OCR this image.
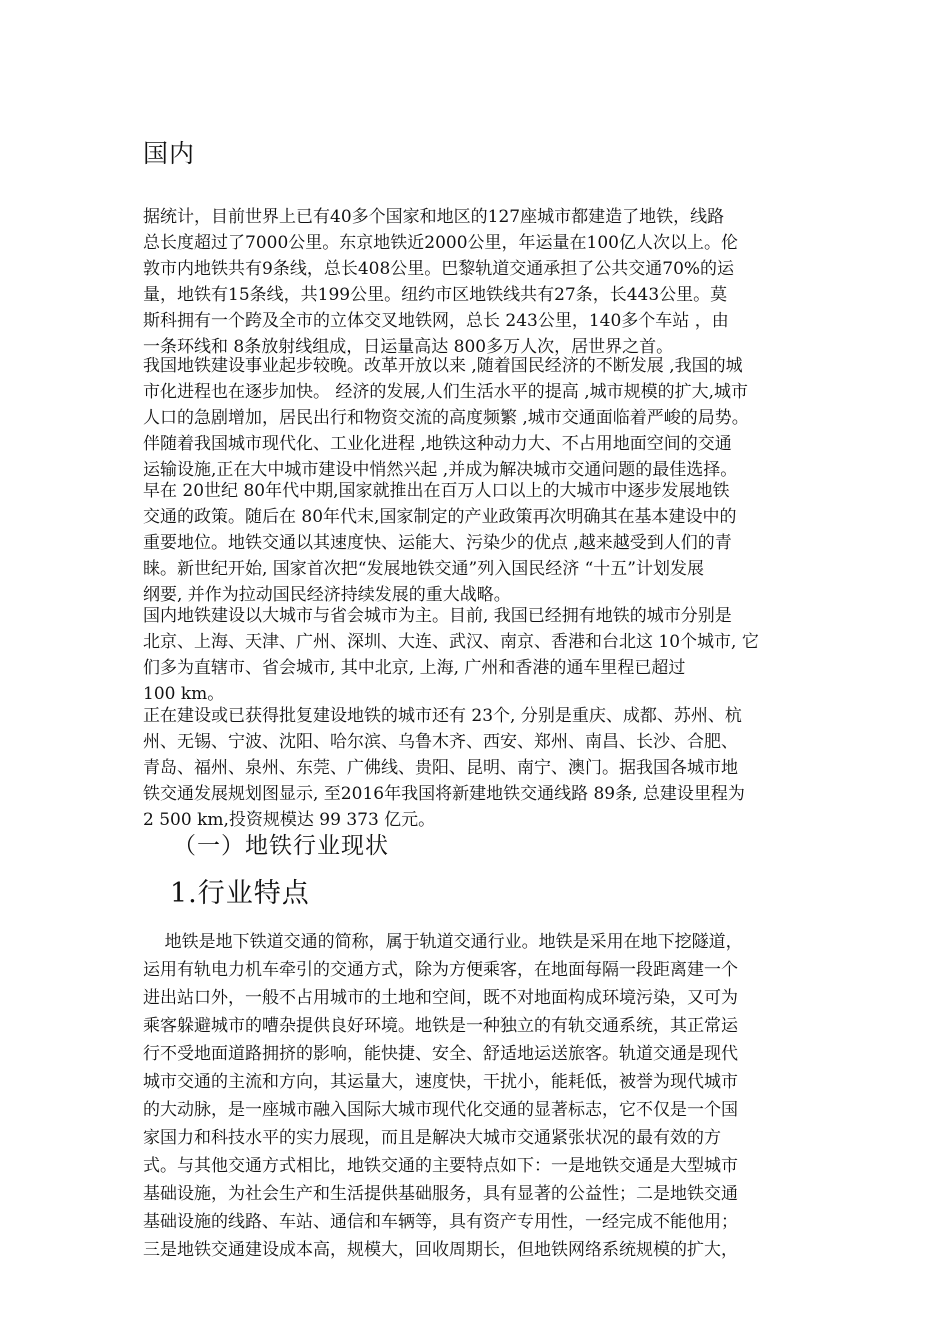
国内
据统计，目前世界上已有40多个国家和地区的127座城市都建造了地铁，线路
总长度超过了7000公里。东京地铁近2000公里，年运量在100亿人次以上。伦
敦市内地铁共有9条线，总长408公里。巴黎轨道交通承担了公共交通70%的运
量，地铁有15条线，共199公里。纽约市区地铁线共有27条，长443公里。莫
斯科拥有一个跨及全市的立体交叉地铁网，总长 243公里，140多个车站 ，由
一条环线和 8条放射线组成，日运量高达 800多万人次，居世界之首。
我国地铁建设事业起步较晚。改革开放以来 ,随着国民经济的不断发展 ,我国的城
市化进程也在逐步加快。 经济的发展,人们生活水平的提高 ,城市规模的扩大,城市
人口的急剧增加，居民出行和物资交流的高度频繁 ,城市交通面临着严峻的局势。
伴随着我国城市现代化、工业化进程 ,地铁这种动力大、不占用地面空间的交通
运输设施,正在大中城市建设中悄然兴起 ,并成为解决城市交通问题的最佳选择。
早在 20世纪 80年代中期,国家就推出在百万人口以上的大城市中逐步发展地铁
交通的政策。随后在 80年代末,国家制定的产业政策再次明确其在基本建设中的
重要地位。地铁交通以其速度快、运能大、污染少的优点 ,越来越受到人们的青
睐。新世纪开始, 国家首次把“发展地铁交通”列入国民经济 “十五”计划发展
纲要, 并作为拉动国民经济持续发展的重大战略。
国内地铁建设以大城市与省会城市为主。目前, 我国已经拥有地铁的城市分别是
北京、上海、天津、广州、深圳、大连、武汉、南京、香港和台北这 10个城市, 它
们多为直辖市、省会城市, 其中北京, 上海, 广州和香港的通车里程已超过
100 km。
正在建设或已获得批复建设地铁的城市还有 23个, 分别是重庆、成都、苏州、杭
州、无锡、宁波、沈阳、哈尔滨、乌鲁木齐、西安、郑州、南昌、长沙、合肥、
青岛、福州、泉州、东莞、广佛线、贵阳、昆明、南宁、澳门。据我国各城市地
铁交通发展规划图显示, 至2016年我国将新建地铁交通线路 89条, 总建设里程为
2 500 km,投资规模达 99 373 亿元。
（一）地铁行业现状
1.行业特点
地铁是地下铁道交通的简称，属于轨道交通行业。地铁是采用在地下挖隧道，
运用有轨电力机车牵引的交通方式，除为方便乘客，在地面每隔一段距离建一个
进出站口外，一般不占用城市的土地和空间，既不对地面构成环境污染，又可为
乘客躲避城市的嘈杂提供良好环境。地铁是一种独立的有轨交通系统，其正常运
行不受地面道路拥挤的影响，能快捷、安全、舒适地运送旅客。轨道交通是现代
城市交通的主流和方向，其运量大，速度快，干扰小，能耗低，被誉为现代城市
的大动脉，是一座城市融入国际大城市现代化交通的显著标志，它不仅是一个国
家国力和科技水平的实力展现，而且是解决大城市交通紧张状况的最有效的方
式。与其他交通方式相比，地铁交通的主要特点如下：一是地铁交通是大型城市
基础设施，为社会生产和生活提供基础服务，具有显著的公益性；二是地铁交通
基础设施的线路、车站、通信和车辆等，具有资产专用性，一经完成不能他用；
三是地铁交通建设成本高，规模大，回收周期长，但地铁网络系统规模的扩大，
